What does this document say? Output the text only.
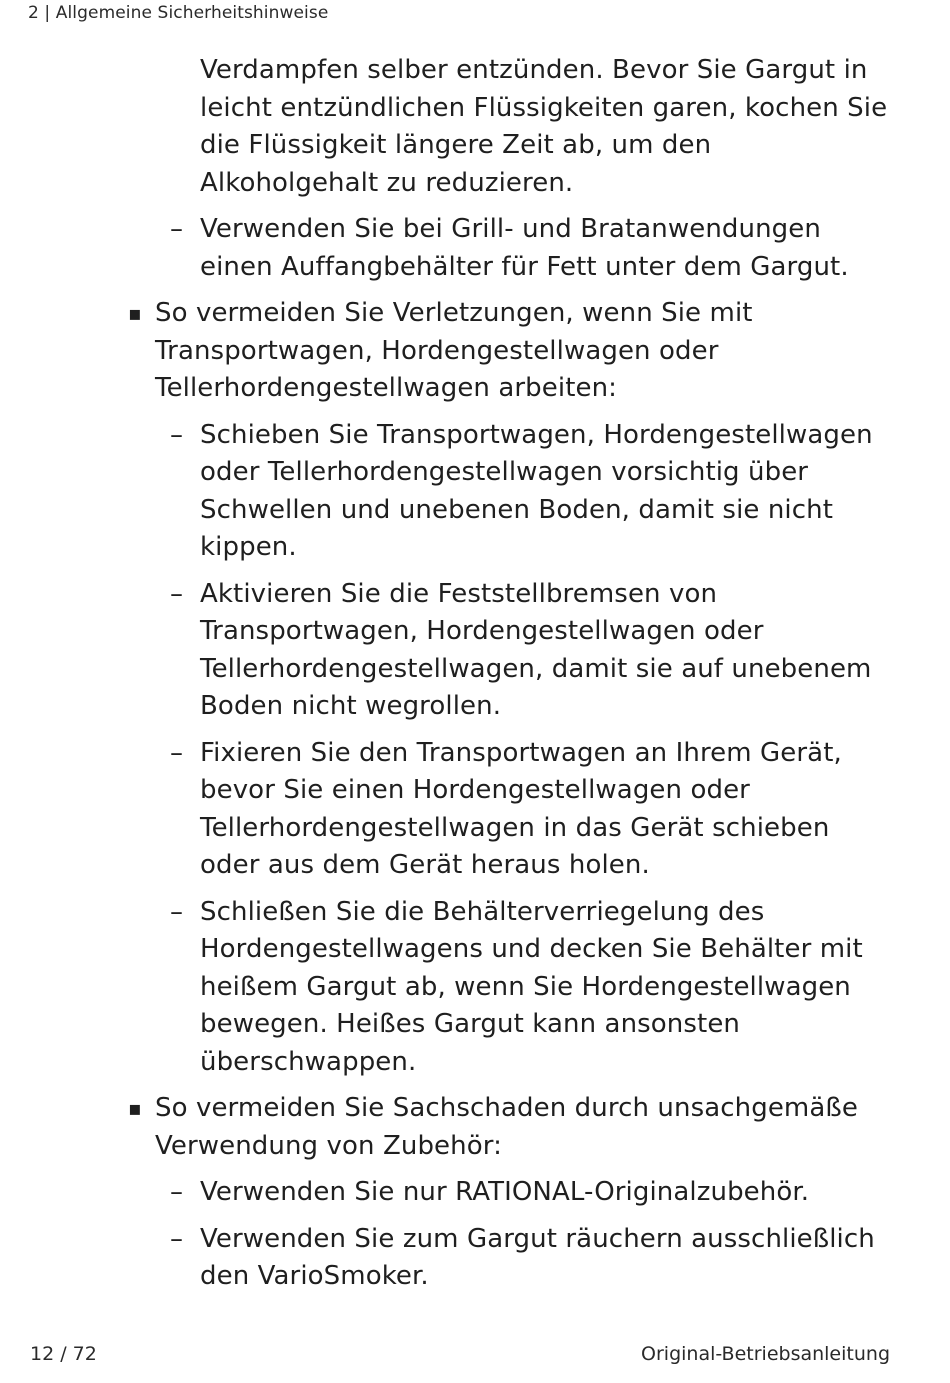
2 | Allgemeine Sicherheitshinweise
Verdampfen selber entzünden. Bevor Sie Gargut in leicht entzündlichen Flüssigkeiten garen, kochen Sie die Flüssigkeit längere Zeit ab, um den Alkoholgehalt zu reduzieren.
– Verwenden Sie bei Grill- und Bratanwendungen einen Auffangbehälter für Fett unter dem Gargut.
▪ So vermeiden Sie Verletzungen, wenn Sie mit Transportwagen, Hordengestellwagen oder Tellerhordengestellwagen arbeiten:
– Schieben Sie Transportwagen, Hordengestellwagen oder Tellerhordengestellwagen vorsichtig über Schwellen und unebenen Boden, damit sie nicht kippen.
– Aktivieren Sie die Feststellbremsen von Transportwagen, Hordengestellwagen oder Tellerhordengestellwagen, damit sie auf unebenem Boden nicht wegrollen.
– Fixieren Sie den Transportwagen an Ihrem Gerät, bevor Sie einen Hordengestellwagen oder Tellerhordengestellwagen in das Gerät schieben oder aus dem Gerät heraus holen.
– Schließen Sie die Behälterverriegelung des Hordengestellwagens und decken Sie Behälter mit heißem Gargut ab, wenn Sie Hordengestellwagen bewegen. Heißes Gargut kann ansonsten überschwappen.
▪ So vermeiden Sie Sachschaden durch unsachgemäße Verwendung von Zubehör:
– Verwenden Sie nur RATIONAL-Originalzubehör.
– Verwenden Sie zum Gargut räuchern ausschließlich den VarioSmoker.
12 / 72	Original-Betriebsanleitung
